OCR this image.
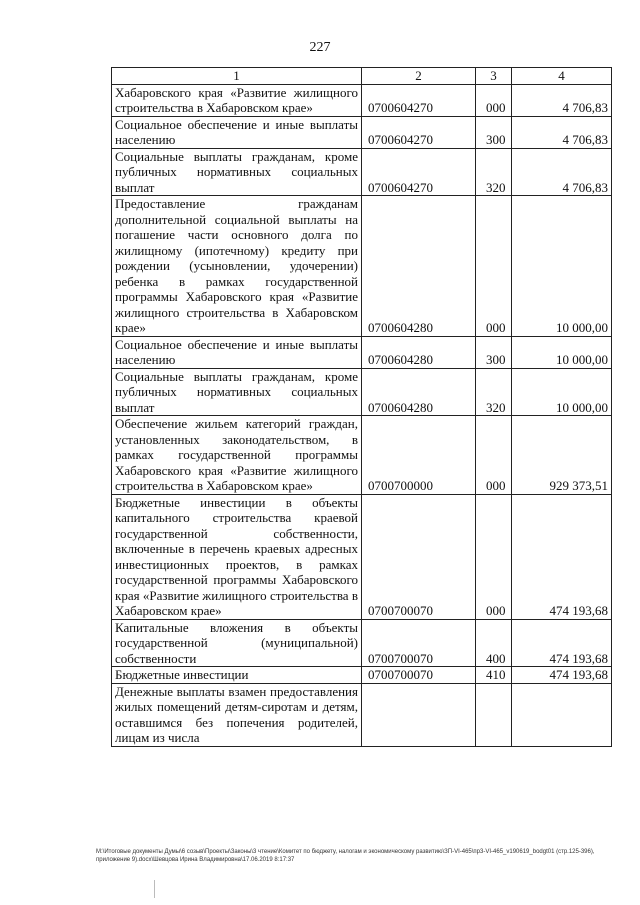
227
1	2	3	4
Хабаровского края «Развитие жилищного строительства в Хабаровском крае»	0700604270	000	4 706,83
Социальное обеспечение и иные выплаты населению	0700604270	300	4 706,83
Социальные выплаты гражданам, кроме публичных нормативных социальных выплат	0700604270	320	4 706,83
Предоставление гражданам дополнительной социальной выплаты на погашение части основного долга по жилищному (ипотечному) кредиту при рождении (усыновлении, удочерении) ребенка в рамках государственной программы Хабаровского края «Развитие жилищного строительства в Хабаровском крае»	0700604280	000	10 000,00
Социальное обеспечение и иные выплаты населению	0700604280	300	10 000,00
Социальные выплаты гражданам, кроме публичных нормативных социальных выплат	0700604280	320	10 000,00
Обеспечение жильем категорий граждан, установленных законодательством, в рамках государственной программы Хабаровского края «Развитие жилищного строительства в Хабаровском крае»	0700700000	000	929 373,51
Бюджетные инвестиции в объекты капитального строительства краевой государственной собственности, включенные в перечень краевых адресных инвестиционных проектов, в рамках государственной программы Хабаровского края «Развитие жилищного строительства в Хабаровском крае»	0700700070	000	474 193,68
Капитальные вложения в объекты государственной (муниципальной) собственности	0700700070	400	474 193,68
Бюджетные инвестиции	0700700070	410	474 193,68
Денежные выплаты взамен предоставления жилых помещений детям-сиротам и детям, оставшимся без попечения родителей, лицам из числа			
M:\Итоговые документы Думы\6 созыв\Проекты\Законы\3 чтение\Комитет по бюджету, налогам и экономическому развитию\ЗП-VI-465\пр3-VI-465_v190619_bodgt01 (стр.125-396), приложение 9).docx\Шевцова Ирина Владимировна\17.06.2019 8:17:37
